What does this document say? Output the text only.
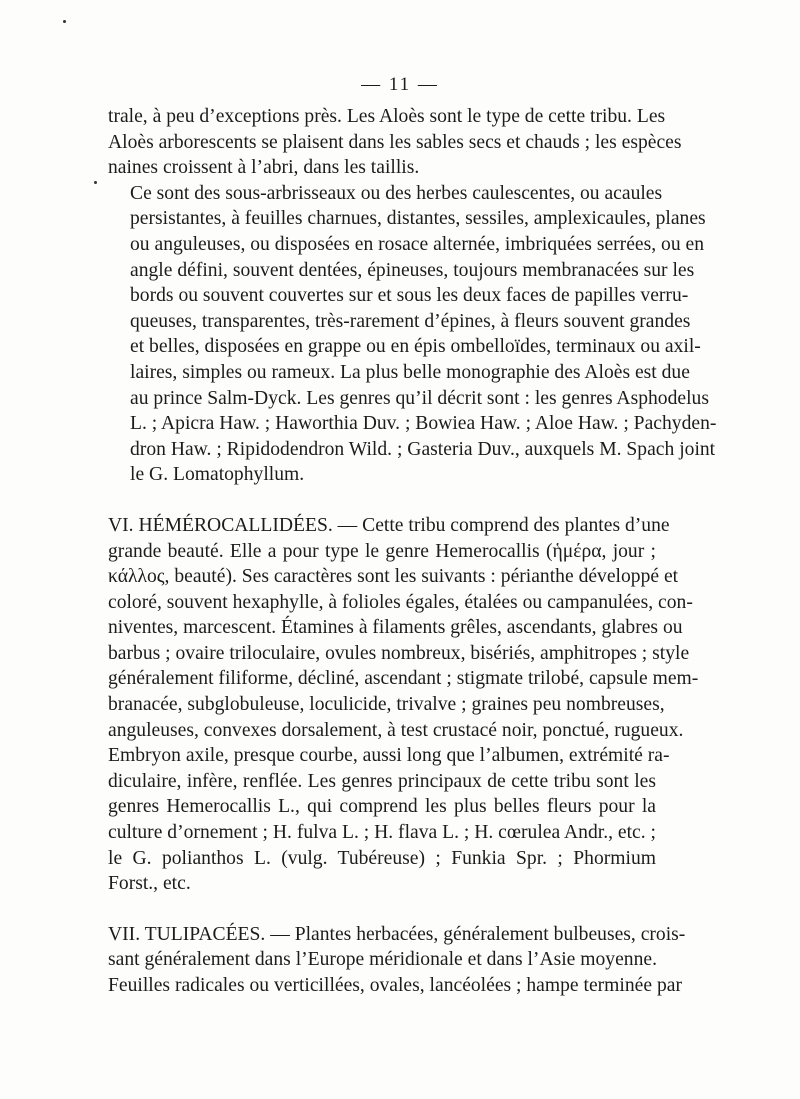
— 11 —

trale, à peu d’exceptions près. Les Aloès sont le type de cette tribu. Les
Aloès arborescents se plaisent dans les sables secs et chauds ; les espèces
naines croissent à l’abri, dans les taillis.

Ce sont des sous-arbrisseaux ou des herbes caulescentes, ou acaules
persistantes, à feuilles charnues, distantes, sessiles, amplexicaules, planes
ou anguleuses, ou disposées en rosace alternée, imbriquées serrées, ou en
angle défini, souvent dentées, épineuses, toujours membranacées sur les
bords ou souvent couvertes sur et sous les deux faces de papilles verru-
queuses, transparentes, très-rarement d’épines, à fleurs souvent grandes
et belles, disposées en grappe ou en épis ombelloïdes, terminaux ou axil-
laires, simples ou rameux. La plus belle monographie des Aloès est due
au prince Salm-Dyck. Les genres qu’il décrit sont : les genres Asphodelus
L. ; Apicra Haw. ; Haworthia Duv. ; Bowiea Haw. ; Aloe Haw. ; Pachyden-
dron Haw. ; Ripidodendron Wild. ; Gasteria Duv., auxquels M. Spach joint
le G. Lomatophyllum.

VI. HÉMÉROCALLIDÉES. — Cette tribu comprend des plantes d’une
grande beauté. Elle a pour type le genre Hemerocallis (ἡμέρα, jour ;
κάλλος, beauté). Ses caractères sont les suivants : périanthe développé et
coloré, souvent hexaphylle, à folioles égales, étalées ou campanulées, con-
niventes, marcescent. Étamines à filaments grêles, ascendants, glabres ou
barbus ; ovaire triloculaire, ovules nombreux, bisériés, amphitropes ; style
généralement filiforme, décliné, ascendant ; stigmate trilobé, capsule mem-
branacée, subglobuleuse, loculicide, trivalve ; graines peu nombreuses,
anguleuses, convexes dorsalement, à test crustacé noir, ponctué, rugueux.
Embryon axile, presque courbe, aussi long que l’albumen, extrémité ra-
diculaire, infère, renflée. Les genres principaux de cette tribu sont les
genres Hemerocallis L., qui comprend les plus belles fleurs pour la
culture d’ornement ; H. fulva L. ; H. flava L. ; H. cœrulea Andr., etc. ;
le G. polianthos L. (vulg. Tubéreuse) ; Funkia Spr. ; Phormium
Forst., etc.

VII. TULIPACÉES. — Plantes herbacées, généralement bulbeuses, crois-
sant généralement dans l’Europe méridionale et dans l’Asie moyenne.
Feuilles radicales ou verticillées, ovales, lancéolées ; hampe terminée par
